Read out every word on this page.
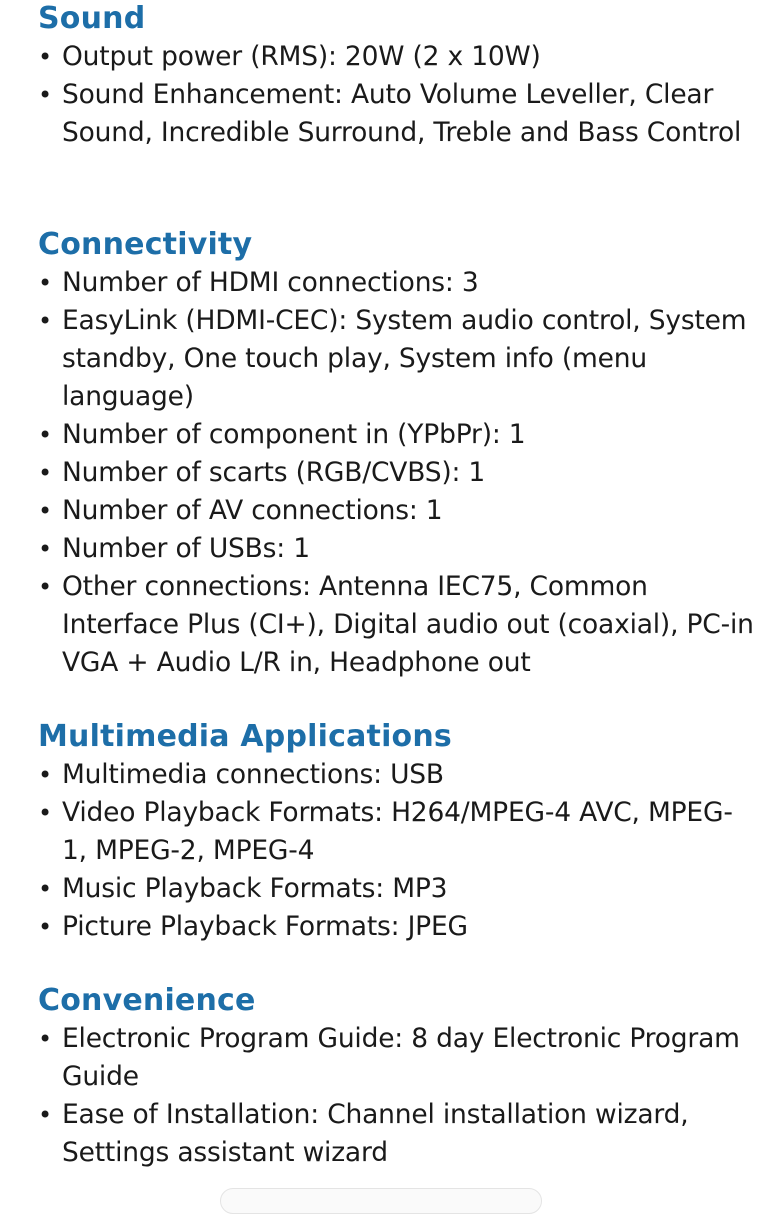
Sound
• Output power (RMS): 20W (2 x 10W)
• Sound Enhancement: Auto Volume Leveller, Clear Sound, Incredible Surround, Treble and Bass Control
Connectivity
• Number of HDMI connections: 3
• EasyLink (HDMI-CEC): System audio control, System standby, One touch play, System info (menu language)
• Number of component in (YPbPr): 1
• Number of scarts (RGB/CVBS): 1
• Number of AV connections: 1
• Number of USBs: 1
• Other connections: Antenna IEC75, Common Interface Plus (CI+), Digital audio out (coaxial), PC-in VGA + Audio L/R in, Headphone out
Multimedia Applications
• Multimedia connections: USB
• Video Playback Formats: H264/MPEG-4 AVC, MPEG-1, MPEG-2, MPEG-4
• Music Playback Formats: MP3
• Picture Playback Formats: JPEG
Convenience
• Electronic Program Guide: 8 day Electronic Program Guide
• Ease of Installation: Channel installation wizard, Settings assistant wizard
